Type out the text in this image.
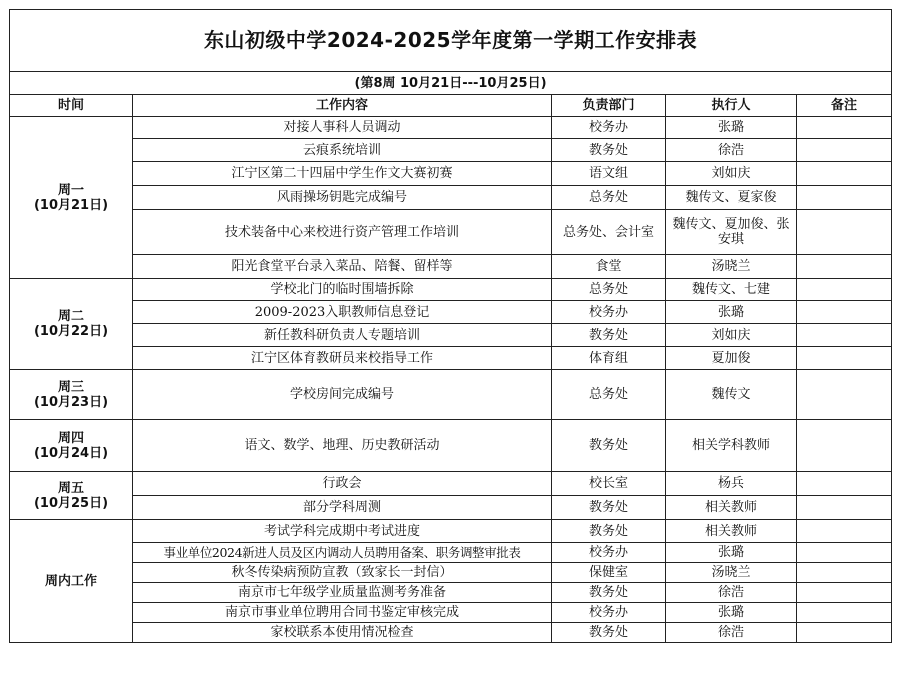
东山初级中学2024-2025学年度第一学期工作安排表				
(第8周 10月21日---10月25日)				
时间	工作内容	负责部门	执行人	备注

周一
(10月21日)	对接人事科人员调动	校务办	张璐	
	云痕系统培训	教务处	徐浩	
	江宁区第二十四届中学生作文大赛初赛	语文组	刘如庆	
	风雨操场钥匙完成编号	总务处	魏传文、夏家俊	
	技术装备中心来校进行资产管理工作培训	总务处、会计室	魏传文、夏加俊、张安琪	
	阳光食堂平台录入菜品、陪餐、留样等	食堂	汤晓兰	

周二
(10月22日)	学校北门的临时围墙拆除	总务处	魏传文、七建	
	2009-2023入职教师信息登记	校务办	张璐	
	新任教科研负责人专题培训	教务处	刘如庆	
	江宁区体育教研员来校指导工作	体育组	夏加俊	

周三
(10月23日)	学校房间完成编号	总务处	魏传文	

周四
(10月24日)	语文、数学、地理、历史教研活动	教务处	相关学科教师	

周五
(10月25日)	行政会	校长室	杨兵	
	部分学科周测	教务处	相关教师	

周内工作	考试学科完成期中考试进度	教务处	相关教师	
	事业单位2024新进人员及区内调动人员聘用备案、职务调整审批表	校务办	张璐	
	秋冬传染病预防宣教（致家长一封信）	保健室	汤晓兰	
	南京市七年级学业质量监测考务准备	教务处	徐浩	
	南京市事业单位聘用合同书鉴定审核完成	校务办	张璐	
	家校联系本使用情况检查	教务处	徐浩	
